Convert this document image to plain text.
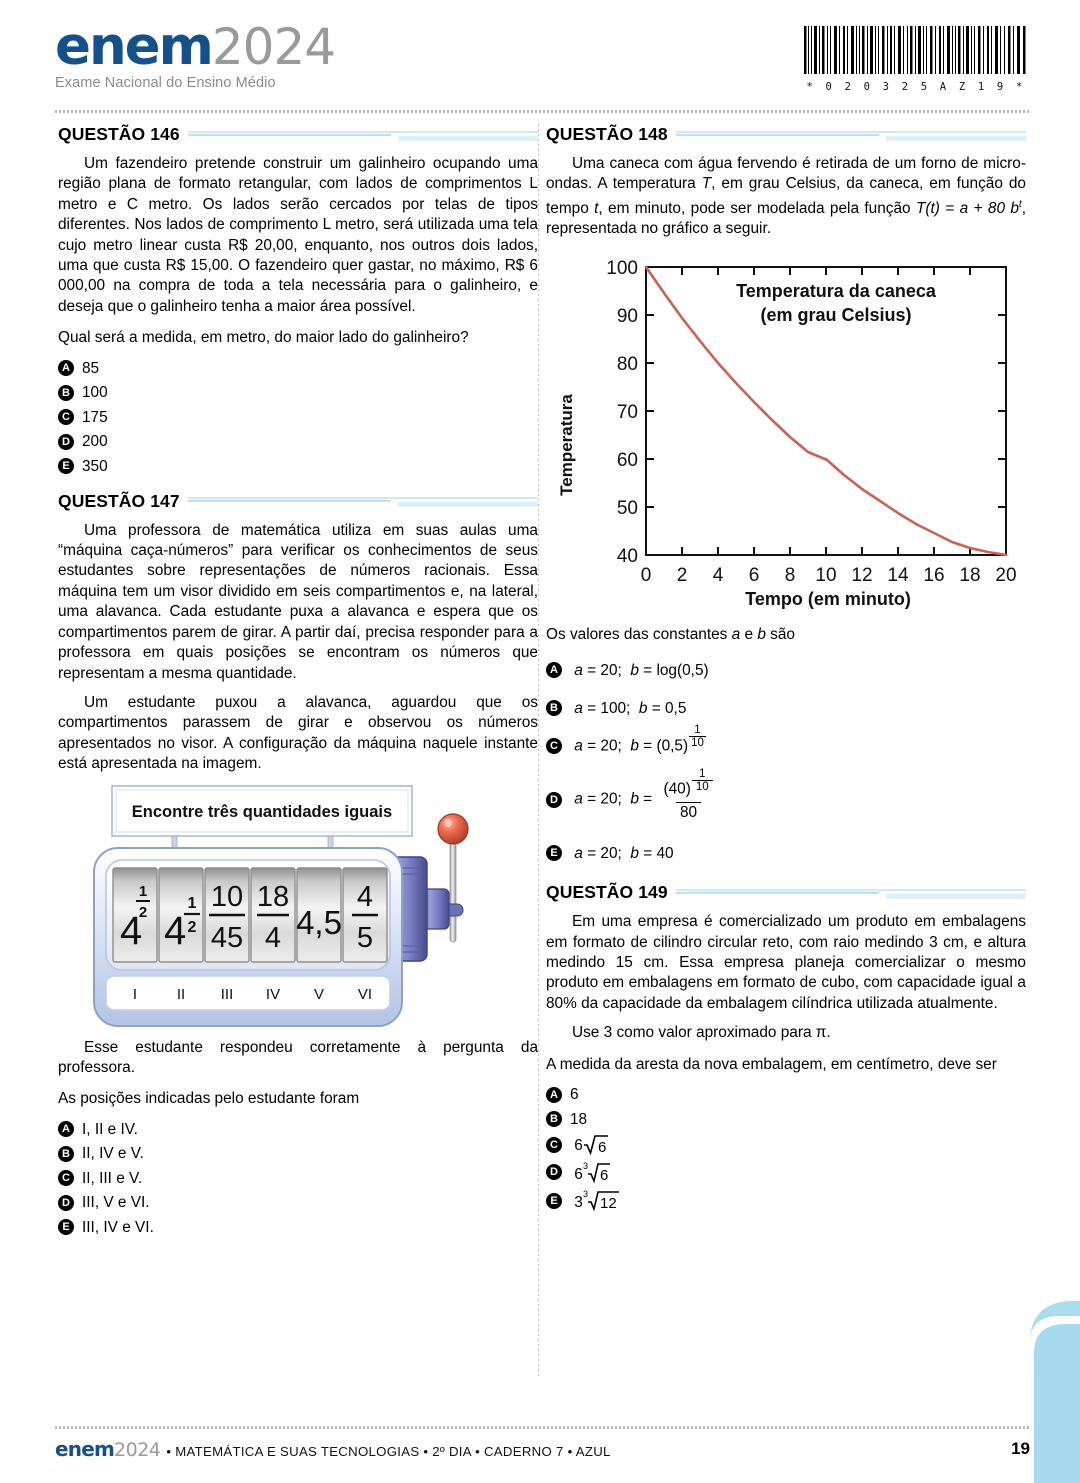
enem2024
Exame Nacional do Ensino Médio	* 0 2 0 3 2 5 A Z 1 9 *
QUESTÃO 146

Um fazendeiro pretende construir um galinheiro ocupando uma região plana de formato retangular, com lados de comprimentos L metro e C metro. Os lados serão cercados por telas de tipos diferentes. Nos lados de comprimento L metro, será utilizada uma tela cujo metro linear custa R$ 20,00, enquanto, nos outros dois lados, uma que custa R$ 15,00. O fazendeiro quer gastar, no máximo, R$ 6 000,00 na compra de toda a tela necessária para o galinheiro, e deseja que o galinheiro tenha a maior área possível.

Qual será a medida, em metro, do maior lado do galinheiro?

A 85
B 100
C 175
D 200
E 350
QUESTÃO 147

Uma professora de matemática utiliza em suas aulas uma “máquina caça-números” para verificar os conhecimentos de seus estudantes sobre representações de números racionais. Essa máquina tem um visor dividido em seis compartimentos e, na lateral, uma alavanca. Cada estudante puxa a alavanca e espera que os compartimentos parem de girar. A partir daí, precisa responder para a professora em quais posições se encontram os números que representam a mesma quantidade.

Um estudante puxou a alavanca, aguardou que os compartimentos parassem de girar e observou os números apresentados no visor. A configuração da máquina naquele instante está apresentada na imagem.

Encontre três quantidades iguais
4
1
2 4
1
2
10
45
18
4 4,5
4
5
I	II III IV V VI

Esse estudante respondeu corretamente à pergunta da professora.

As posições indicadas pelo estudante foram

A I, II e IV.
B II, IV e V.
C II, III e V.
D III, V e VI.
E III, IV e VI.
QUESTÃO 148

Uma caneca com água fervendo é retirada de um forno de micro-ondas. A temperatura T, em grau Celsius, da caneca, em função do tempo t, em minuto, pode ser modelada pela função T(t) = a + 80 $b^t$, representada no gráfico a seguir.

Temperatura
100
90
80
70
60
50
40
Temperatura da caneca
(em grau Celsius)
0 2 4 6 8 10 12 14 16 18 20
Tempo (em minuto)

Os valores das constantes a e b são

A a = 20;  b = log(0,5)
B a = 100;  b = 0,5
C a = 20;  $b = (0,5) \frac{1}{10}$
D a = 20;  $b = \frac{(40) \frac{1}{10}}{80}$
E a = 20;  b = 40
QUESTÃO 149

Em uma empresa é comercializado um produto em embalagens em formato de cilindro circular reto, com raio medindo 3 cm, e altura medindo 15 cm. Essa empresa planeja comercializar o mesmo produto em embalagens em formato de cubo, com capacidade igual a 80% da capacidade da embalagem cilíndrica utilizada atualmente.

Use 3 como valor aproximado para π.

A medida da aresta da nova embalagem, em centímetro, deve ser

A 6
B 18
C 6 6
D 6 3
6
E 3 3
12
enem 2024 • MATEMÁTICA E SUAS TECNOLOGIAS • 2º DIA • CADERNO 7 • AZUL	19
